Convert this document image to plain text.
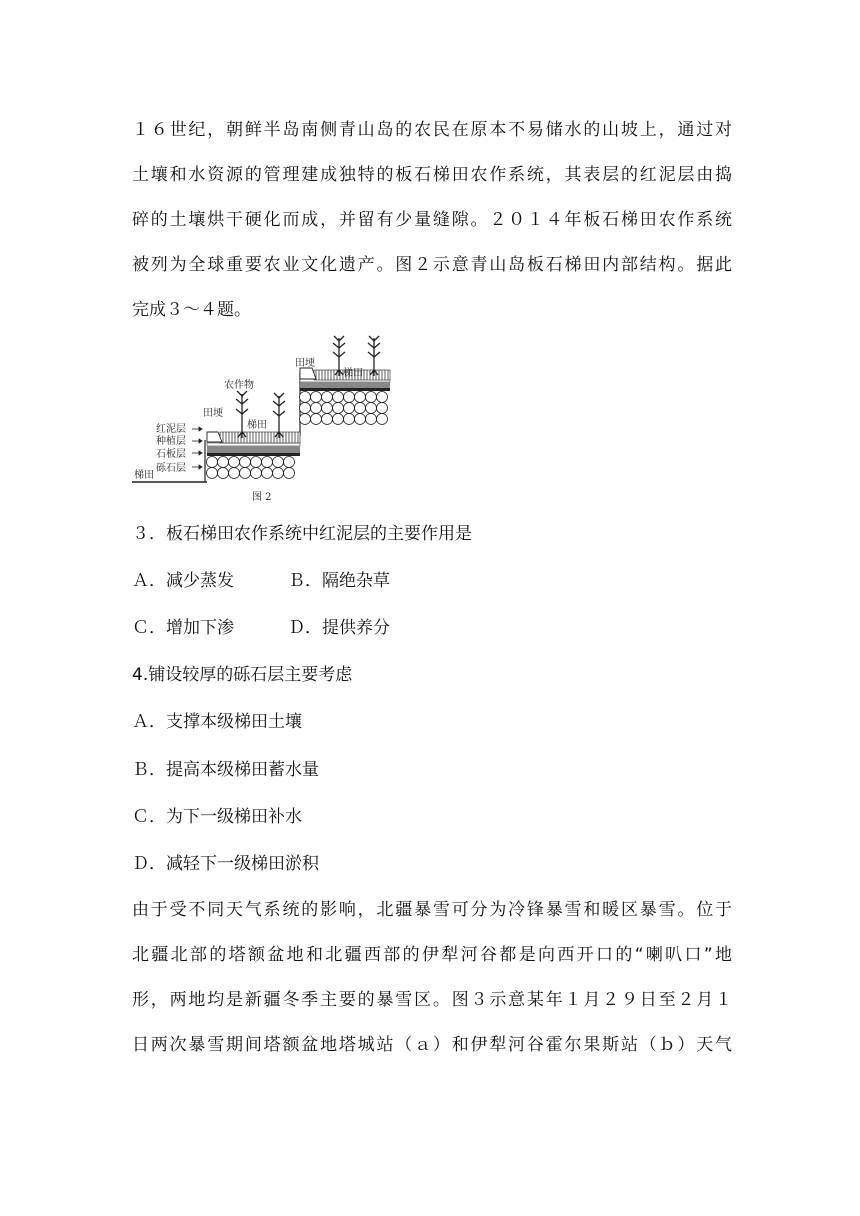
１６世纪，朝鲜半岛南侧青山岛的农民在原本不易储水的山坡上，通过对
土壤和水资源的管理建成独特的板石梯田农作系统，其表层的红泥层由捣
碎的土壤烘干硬化而成，并留有少量缝隙。２０１４年板石梯田农作系统
被列为全球重要农业文化遗产。图２示意青山岛板石梯田内部结构。据此
完成３～４题。
农作物
田埂
梯田
田埂
梯田
红泥层
种植层
石板层
砾石层
梯田
图 2

３．板石梯田农作系统中红泥层的主要作用是

Ａ．减少蒸发	Ｂ．隔绝杂草

Ｃ．增加下渗	Ｄ．提供养分

4.铺设较厚的砾石层主要考虑

Ａ．支撑本级梯田土壤

Ｂ．提高本级梯田蓄水量

Ｃ．为下一级梯田补水

Ｄ．减轻下一级梯田淤积

由于受不同天气系统的影响，北疆暴雪可分为冷锋暴雪和暖区暴雪。位于
北疆北部的塔额盆地和北疆西部的伊犁河谷都是向西开口的“喇叭口”地
形，两地均是新疆冬季主要的暴雪区。图３示意某年１月２９日至２月１
日两次暴雪期间塔额盆地塔城站（ａ）和伊犁河谷霍尔果斯站（ｂ）天气
